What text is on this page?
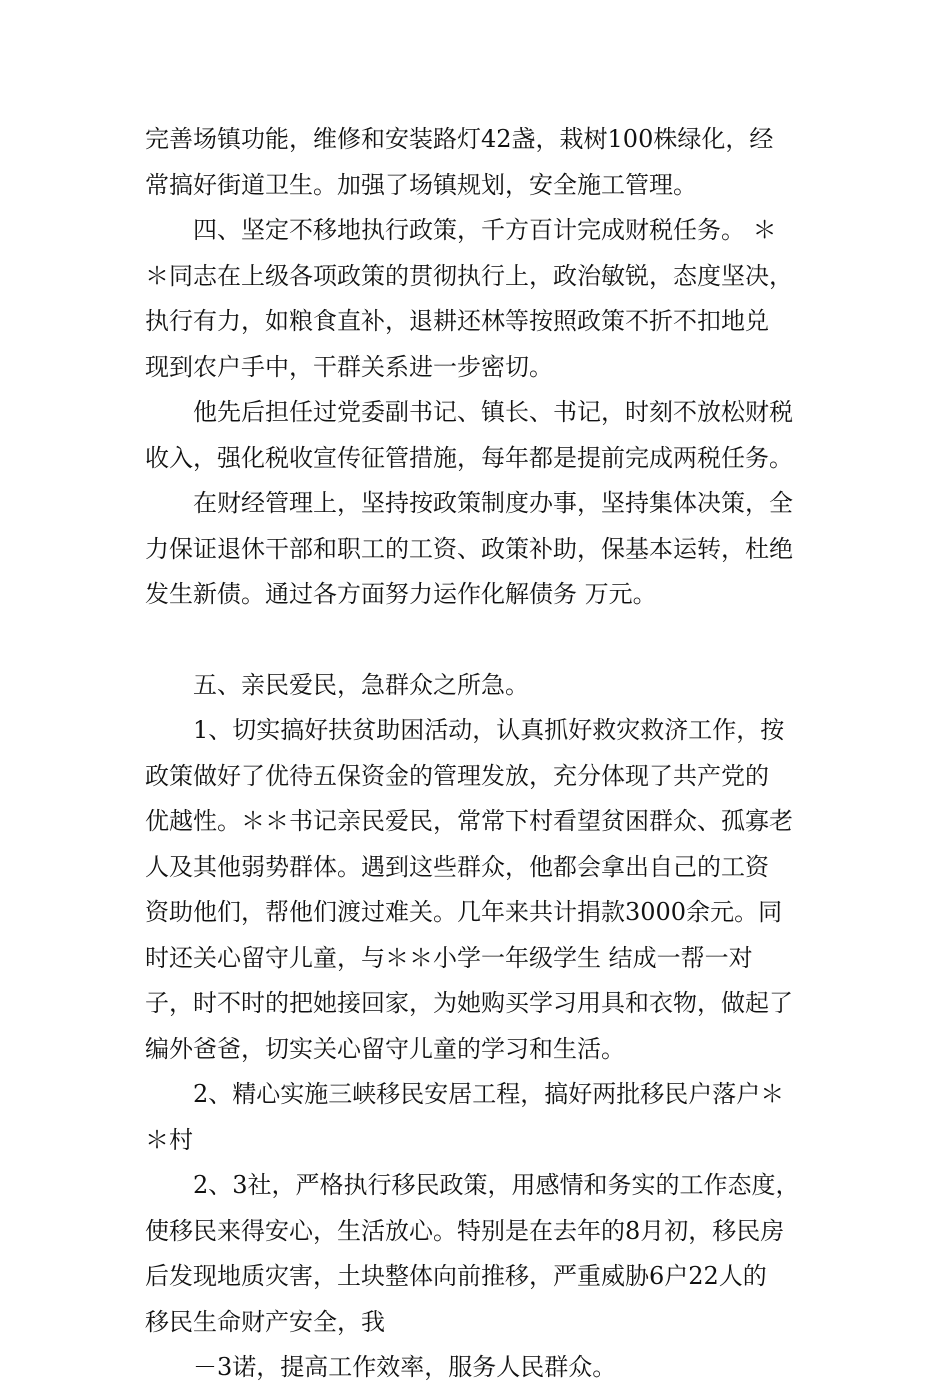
完善场镇功能，维修和安装路灯42盏，栽树100株绿化，经
常搞好街道卫生。加强了场镇规划，安全施工管理。
四、坚定不移地执行政策，千方百计完成财税任务。 ＊
＊同志在上级各项政策的贯彻执行上，政治敏锐，态度坚决，
执行有力，如粮食直补，退耕还林等按照政策不折不扣地兑
现到农户手中，干群关系进一步密切。
他先后担任过党委副书记、镇长、书记，时刻不放松财税
收入，强化税收宣传征管措施，每年都是提前完成两税任务。
在财经管理上，坚持按政策制度办事，坚持集体决策，全
力保证退休干部和职工的工资、政策补助，保基本运转，杜绝
发生新债。通过各方面努力运作化解债务 万元。
五、亲民爱民，急群众之所急。
1、切实搞好扶贫助困活动，认真抓好救灾救济工作，按
政策做好了优待五保资金的管理发放，充分体现了共产党的
优越性。＊＊书记亲民爱民，常常下村看望贫困群众、孤寡老
人及其他弱势群体。遇到这些群众，他都会拿出自己的工资
资助他们，帮他们渡过难关。几年来共计捐款3000余元。同
时还关心留守儿童，与＊＊小学一年级学生 结成一帮一对
子，时不时的把她接回家，为她购买学习用具和衣物，做起了
编外爸爸，切实关心留守儿童的学习和生活。
2、精心实施三峡移民安居工程，搞好两批移民户落户＊
＊村
2、3社，严格执行移民政策，用感情和务实的工作态度，
使移民来得安心，生活放心。特别是在去年的8月初，移民房
后发现地质灾害，土块整体向前推移，严重威胁6户22人的
移民生命财产安全，我
－3诺，提高工作效率，服务人民群众。
